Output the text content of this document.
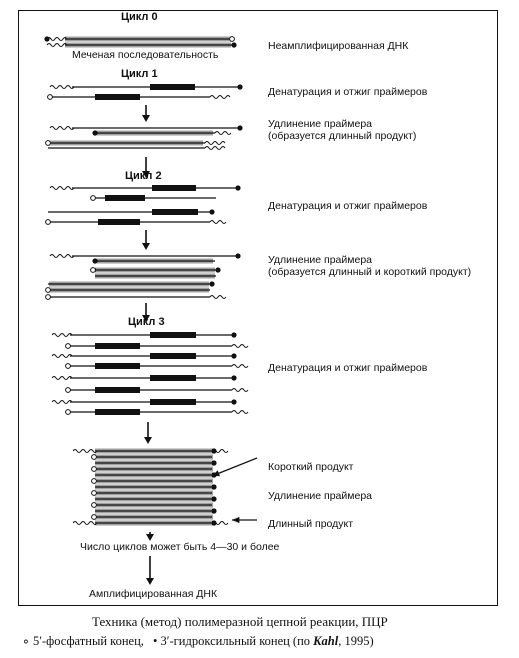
Цикл 0
Цикл 1
Цикл 2
Цикл 3
Меченая последовательность
Число циклов может быть 4—30 и более
Амплифицированная ДНК
Неамплифицированная ДНК
Денатурация и отжиг праймеров
Удлинение праймера
(образуется длинный продукт)
Денатурация и отжиг праймеров
Удлинение праймера
(образуется длинный и короткий продукт)
Денатурация и отжиг праймеров
Короткий продукт
Удлинение праймера
Длинный продукт
Техника (метод) полимеразной цепной реакции, ПЦР
∘ 5′-фосфатный конец, • 3′-гидроксильный конец (по Kahl, 1995)
